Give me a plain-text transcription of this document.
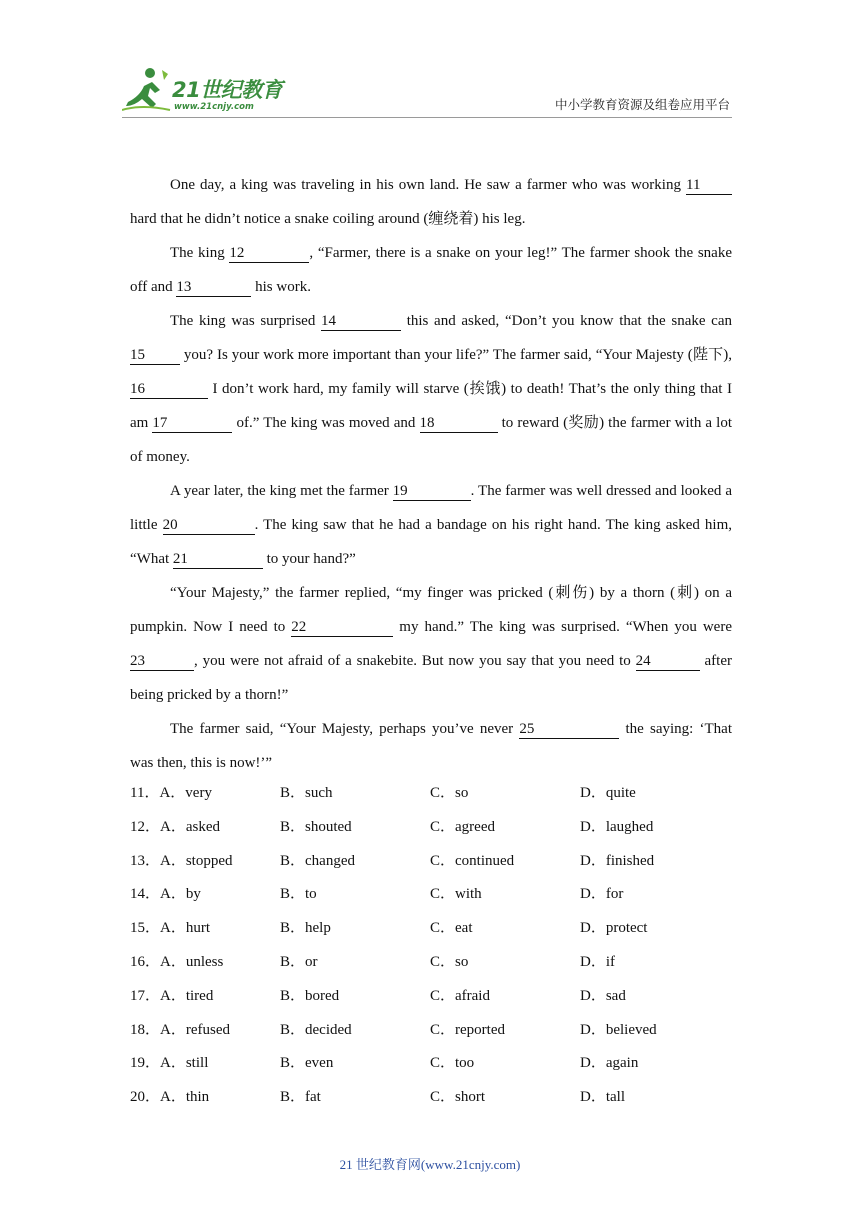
21世纪教育
www.21cnjy.com	中小学教育资源及组卷应用平台

One day, a king was traveling in his own land. He saw a farmer who was working 11 hard that he didn’t notice a snake coiling around (缠绕着) his leg.

The king 12	, “Farmer, there is a snake on your leg!” The farmer shook the snake off and 13	his work.

The king was surprised 14	this and asked, “Don’t you know that the snake can 15 you? Is your work more important than your life?” The farmer said, “Your Majesty (陛下), 16	I don’t work hard, my family will starve (挨饿) to death! That’s the only thing that I am 17	of.” The king was moved and 18	to reward (奖励) the farmer with a lot of money.

A year later, the king met the farmer 19	. The farmer was well dressed and looked a little 20	. The king saw that he had a bandage on his right hand. The king asked him, “What 21	to your hand?”

“Your Majesty,” the farmer replied, “my finger was pricked (刺伤) by a thorn (刺) on a pumpkin. Now I need to 22	my hand.” The king was surprised. “When you were 23	, you were not afraid of a snakebite. But now you say that you need to 24	after being pricked by a thorn!”

The farmer said, “Your Majesty, perhaps you’ve never 25	the saying: ‘That was then, this is now!’”

11．A．very	B．such	C．so	D．quite
12．A．asked	B．shouted	C．agreed	D．laughed
13．A．stopped	B．changed	C．continued	D．finished
14．A．by	B．to	C．with	D．for
15．A．hurt	B．help	C．eat	D．protect
16．A．unless	B．or	C．so	D．if
17．A．tired	B．bored	C．afraid	D．sad
18．A．refused	B．decided	C．reported	D．believed
19．A．still	B．even	C．too	D．again
20．A．thin	B．fat	C．short	D．tall
21 世纪教育网(www.21cnjy.com)
